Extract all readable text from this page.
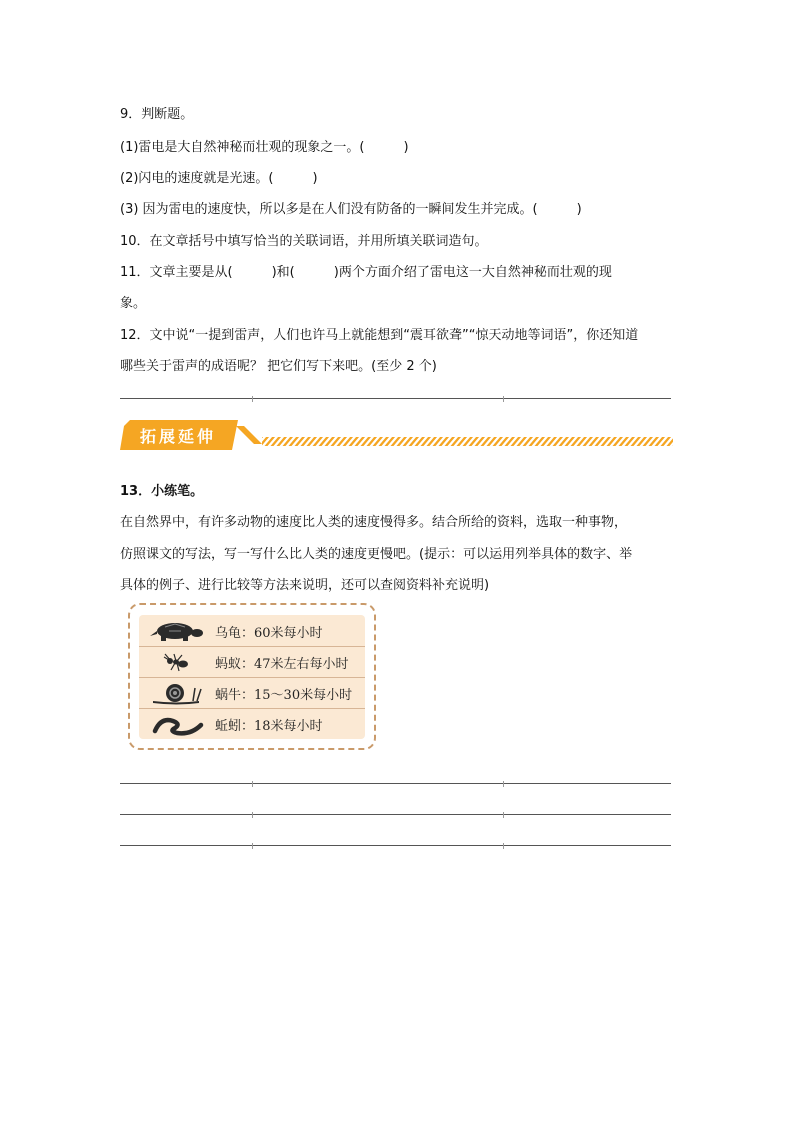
9．判断题。
(1)雷电是大自然神秘而壮观的现象之一。(　　　)
(2)闪电的速度就是光速。(　　　)
(3) 因为雷电的速度快，所以多是在人们没有防备的一瞬间发生并完成。(　　　)
10．在文章括号中填写恰当的关联词语，并用所填关联词造句。
11．文章主要是从(　　　)和(　　　)两个方面介绍了雷电这一大自然神秘而壮观的现
象。
12．文中说“一提到雷声，人们也许马上就能想到“震耳欲聋”“惊天动地等词语”，你还知道
哪些关于雷声的成语呢？ 把它们写下来吧。(至少 2 个)
拓展延伸
13．小练笔。
在自然界中，有许多动物的速度比人类的速度慢得多。结合所给的资料，选取一种事物，
仿照课文的写法，写一写什么比人类的速度更慢吧。(提示：可以运用列举具体的数字、举
具体的例子、进行比较等方法来说明，还可以查阅资料补充说明)
乌龟：60米每小时
蚂蚁：47米左右每小时
蜗牛：15～30米每小时
蚯蚓：18米每小时
